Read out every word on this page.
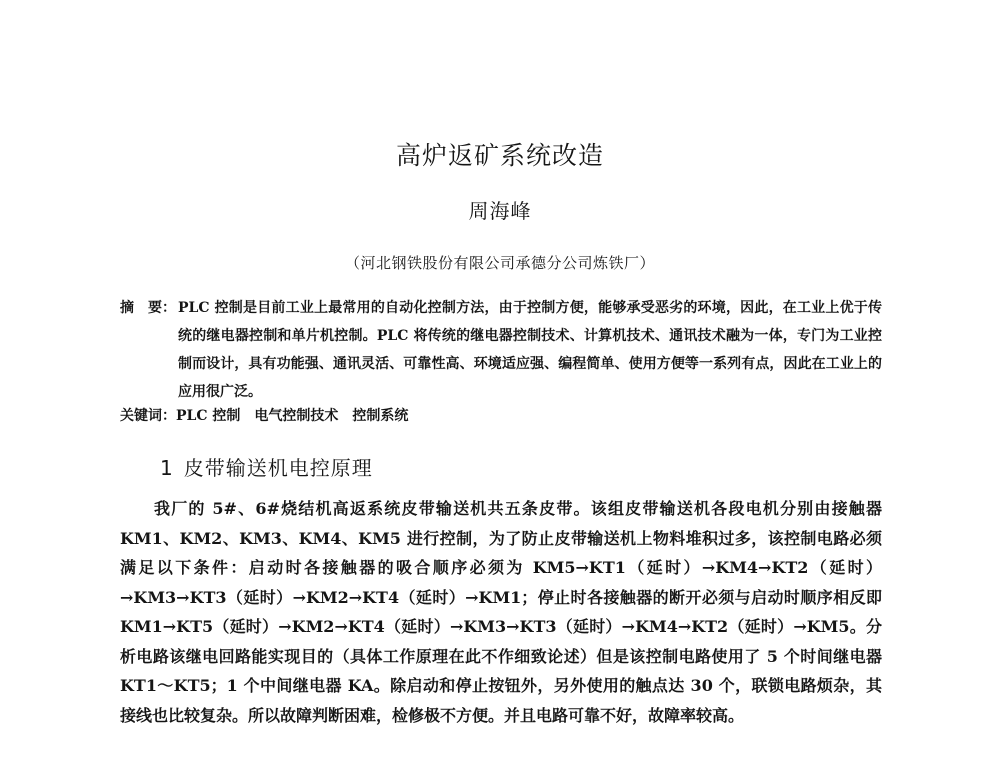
高炉返矿系统改造
周海峰
（河北钢铁股份有限公司承德分公司炼铁厂）
摘　要： PLC 控制是目前工业上最常用的自动化控制方法，由于控制方便，能够承受恶劣的环境，因此，在工业上优于传统的继电器控制和单片机控制。PLC 将传统的继电器控制技术、计算机技术、通讯技术融为一体，专门为工业控制而设计，具有功能强、通讯灵活、可靠性高、环境适应强、编程简单、使用方便等一系列有点，因此在工业上的应用很广泛。
关键词：PLC 控制 电气控制技术 控制系统
1 皮带输送机电控原理

我厂的 5#、6#烧结机高返系统皮带输送机共五条皮带。该组皮带输送机各段电机分别由接触器 KM1、KM2、KM3、KM4、KM5 进行控制，为了防止皮带输送机上物料堆积过多，该控制电路必须满足以下条件：启动时各接触器的吸合顺序必须为 KM5→KT1（延时）→KM4→KT2（延时）→KM3→KT3（延时）→KM2→KT4（延时）→KM1；停止时各接触器的断开必须与启动时顺序相反即 KM1→KT5（延时）→KM2→KT4（延时）→KM3→KT3（延时）→KM4→KT2（延时）→KM5。分析电路该继电回路能实现目的（具体工作原理在此不作细致论述）但是该控制电路使用了 5 个时间继电器 KT1～KT5；1 个中间继电器 KA。除启动和停止按钮外，另外使用的触点达 30 个，联锁电路烦杂，其接线也比较复杂。所以故障判断困难，检修极不方便。并且电路可靠不好，故障率较高。
